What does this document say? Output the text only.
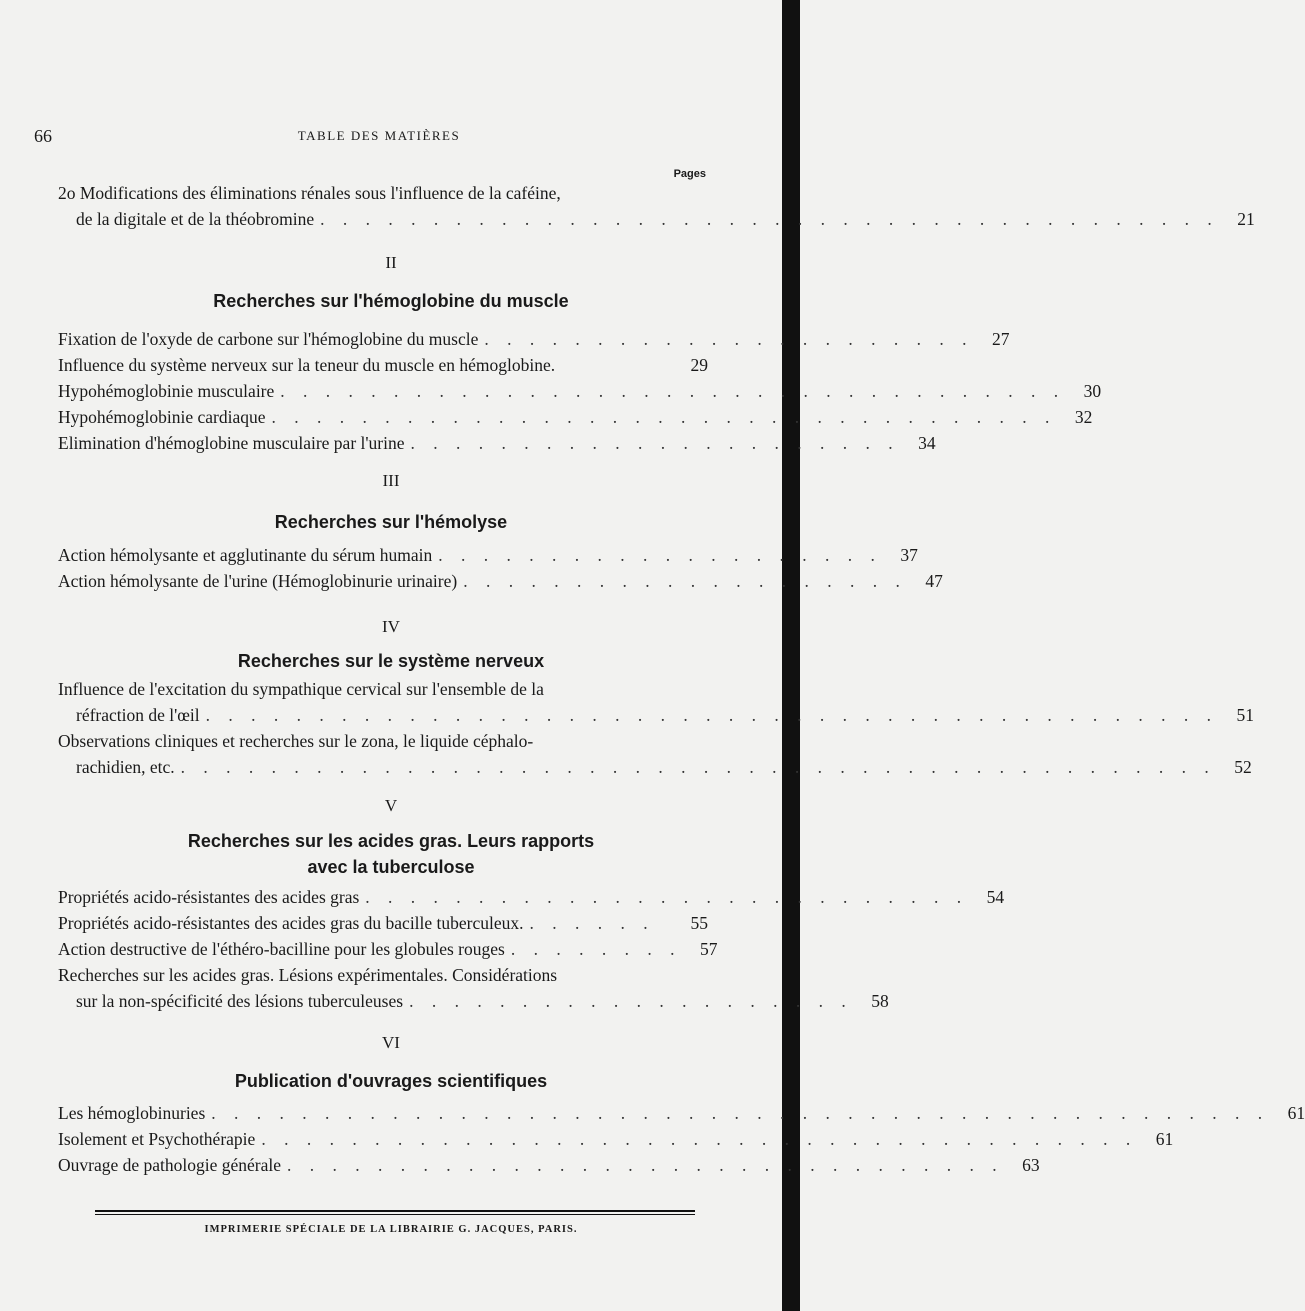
66	TABLE DES MATIÈRES
Pages
2o Modifications des éliminations rénales sous l'influence de la caféine,
de la digitale et de la théobromine . . . . . . . . . . . . . . . . . . . . . . . . . . . . . . . . . . . . . . . .	21
II
Recherches sur l'hémoglobine du muscle
Fixation de l'oxyde de carbone sur l'hémoglobine du muscle . . . . . . . . . . . . . . . . . . . . . .	27
Influence du système nerveux sur la teneur du muscle en hémoglobine.	29
Hypohémoglobinie musculaire . . . . . . . . . . . . . . . . . . . . . . . . . . . . . . . . . . .	30
Hypohémoglobinie cardiaque . . . . . . . . . . . . . . . . . . . . . . . . . . . . . . . . . . .	32
Elimination d'hémoglobine musculaire par l'urine . . . . . . . . . . . . . . . . . . . . . .	34
III
Recherches sur l'hémolyse
Action hémolysante et agglutinante du sérum humain . . . . . . . . . . . . . . . . . . . .	37
Action hémolysante de l'urine (Hémoglobinurie urinaire) . . . . . . . . . . . . . . . . . . . .	47
IV
Recherches sur le système nerveux
Influence de l'excitation du sympathique cervical sur l'ensemble de la
réfraction de l'œil . . . . . . . . . . . . . . . . . . . . . . . . . . . . . . . . . . . . . . . . . . . . .	51
Observations cliniques et recherches sur le zona, le liquide céphalo-
rachidien, etc. . . . . . . . . . . . . . . . . . . . . . . . . . . . . . . . . . . . . . . . . . . . . . .	52
V
Recherches sur les acides gras. Leurs rapports
avec la tuberculose
Propriétés acido-résistantes des acides gras . . . . . . . . . . . . . . . . . . . . . . . . . . .	54
Propriétés acido-résistantes des acides gras du bacille tuberculeux. . . . . . .	55
Action destructive de l'éthéro-bacilline pour les globules rouges . . . . . . . .	57
Recherches sur les acides gras. Lésions expérimentales. Considérations
sur la non-spécificité des lésions tuberculeuses . . . . . . . . . . . . . . . . . . . .	58
VI
Publication d'ouvrages scientifiques
Les hémoglobinuries . . . . . . . . . . . . . . . . . . . . . . . . . . . . . . . . . . . . . . . . . . . . . . .	61
Isolement et Psychothérapie . . . . . . . . . . . . . . . . . . . . . . . . . . . . . . . . . . . . . . .	61
Ouvrage de pathologie générale . . . . . . . . . . . . . . . . . . . . . . . . . . . . . . . .	63
IMPRIMERIE SPÉCIALE DE LA LIBRAIRIE G. JACQUES, PARIS.
